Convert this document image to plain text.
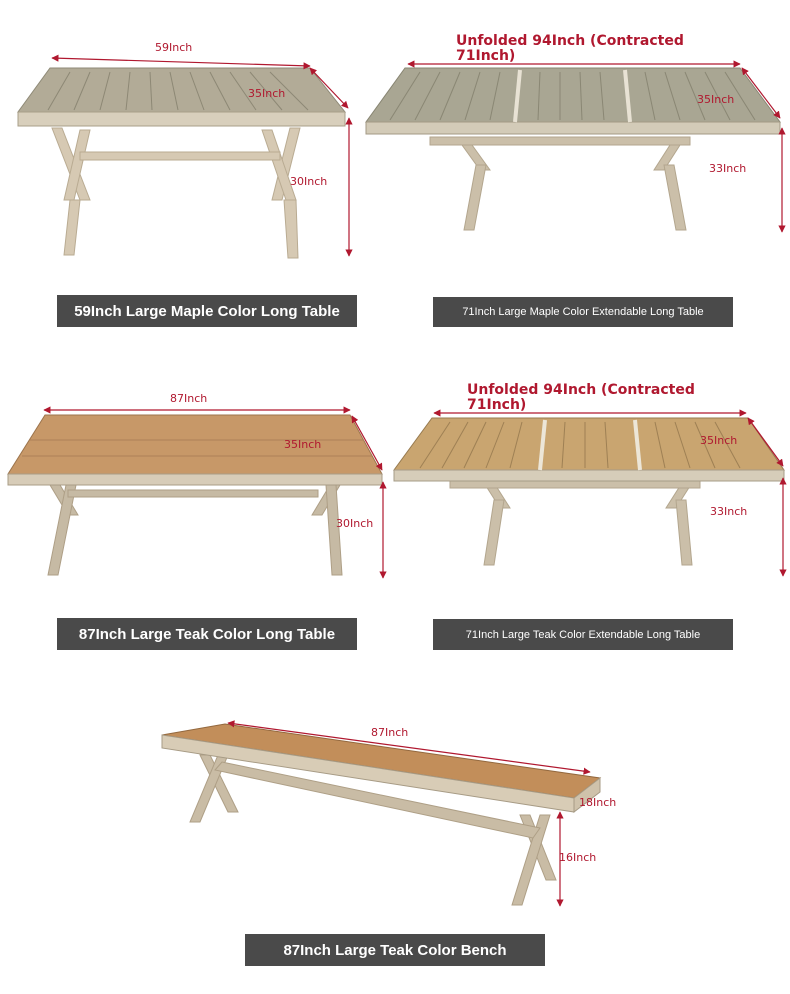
59Inch
35Inch
30Inch
Unfolded 94Inch (Contracted
71Inch)
35Inch
33Inch
87Inch
35Inch
30Inch
Unfolded 94Inch (Contracted
71Inch)
35Inch
33Inch
87Inch
18Inch
16Inch
59Inch Large Maple Color Long Table	71Inch Large Maple Color Extendable Long Table
87Inch Large Teak Color Long Table	71Inch Large Teak Color Extendable Long Table
87Inch Large Teak Color Bench
